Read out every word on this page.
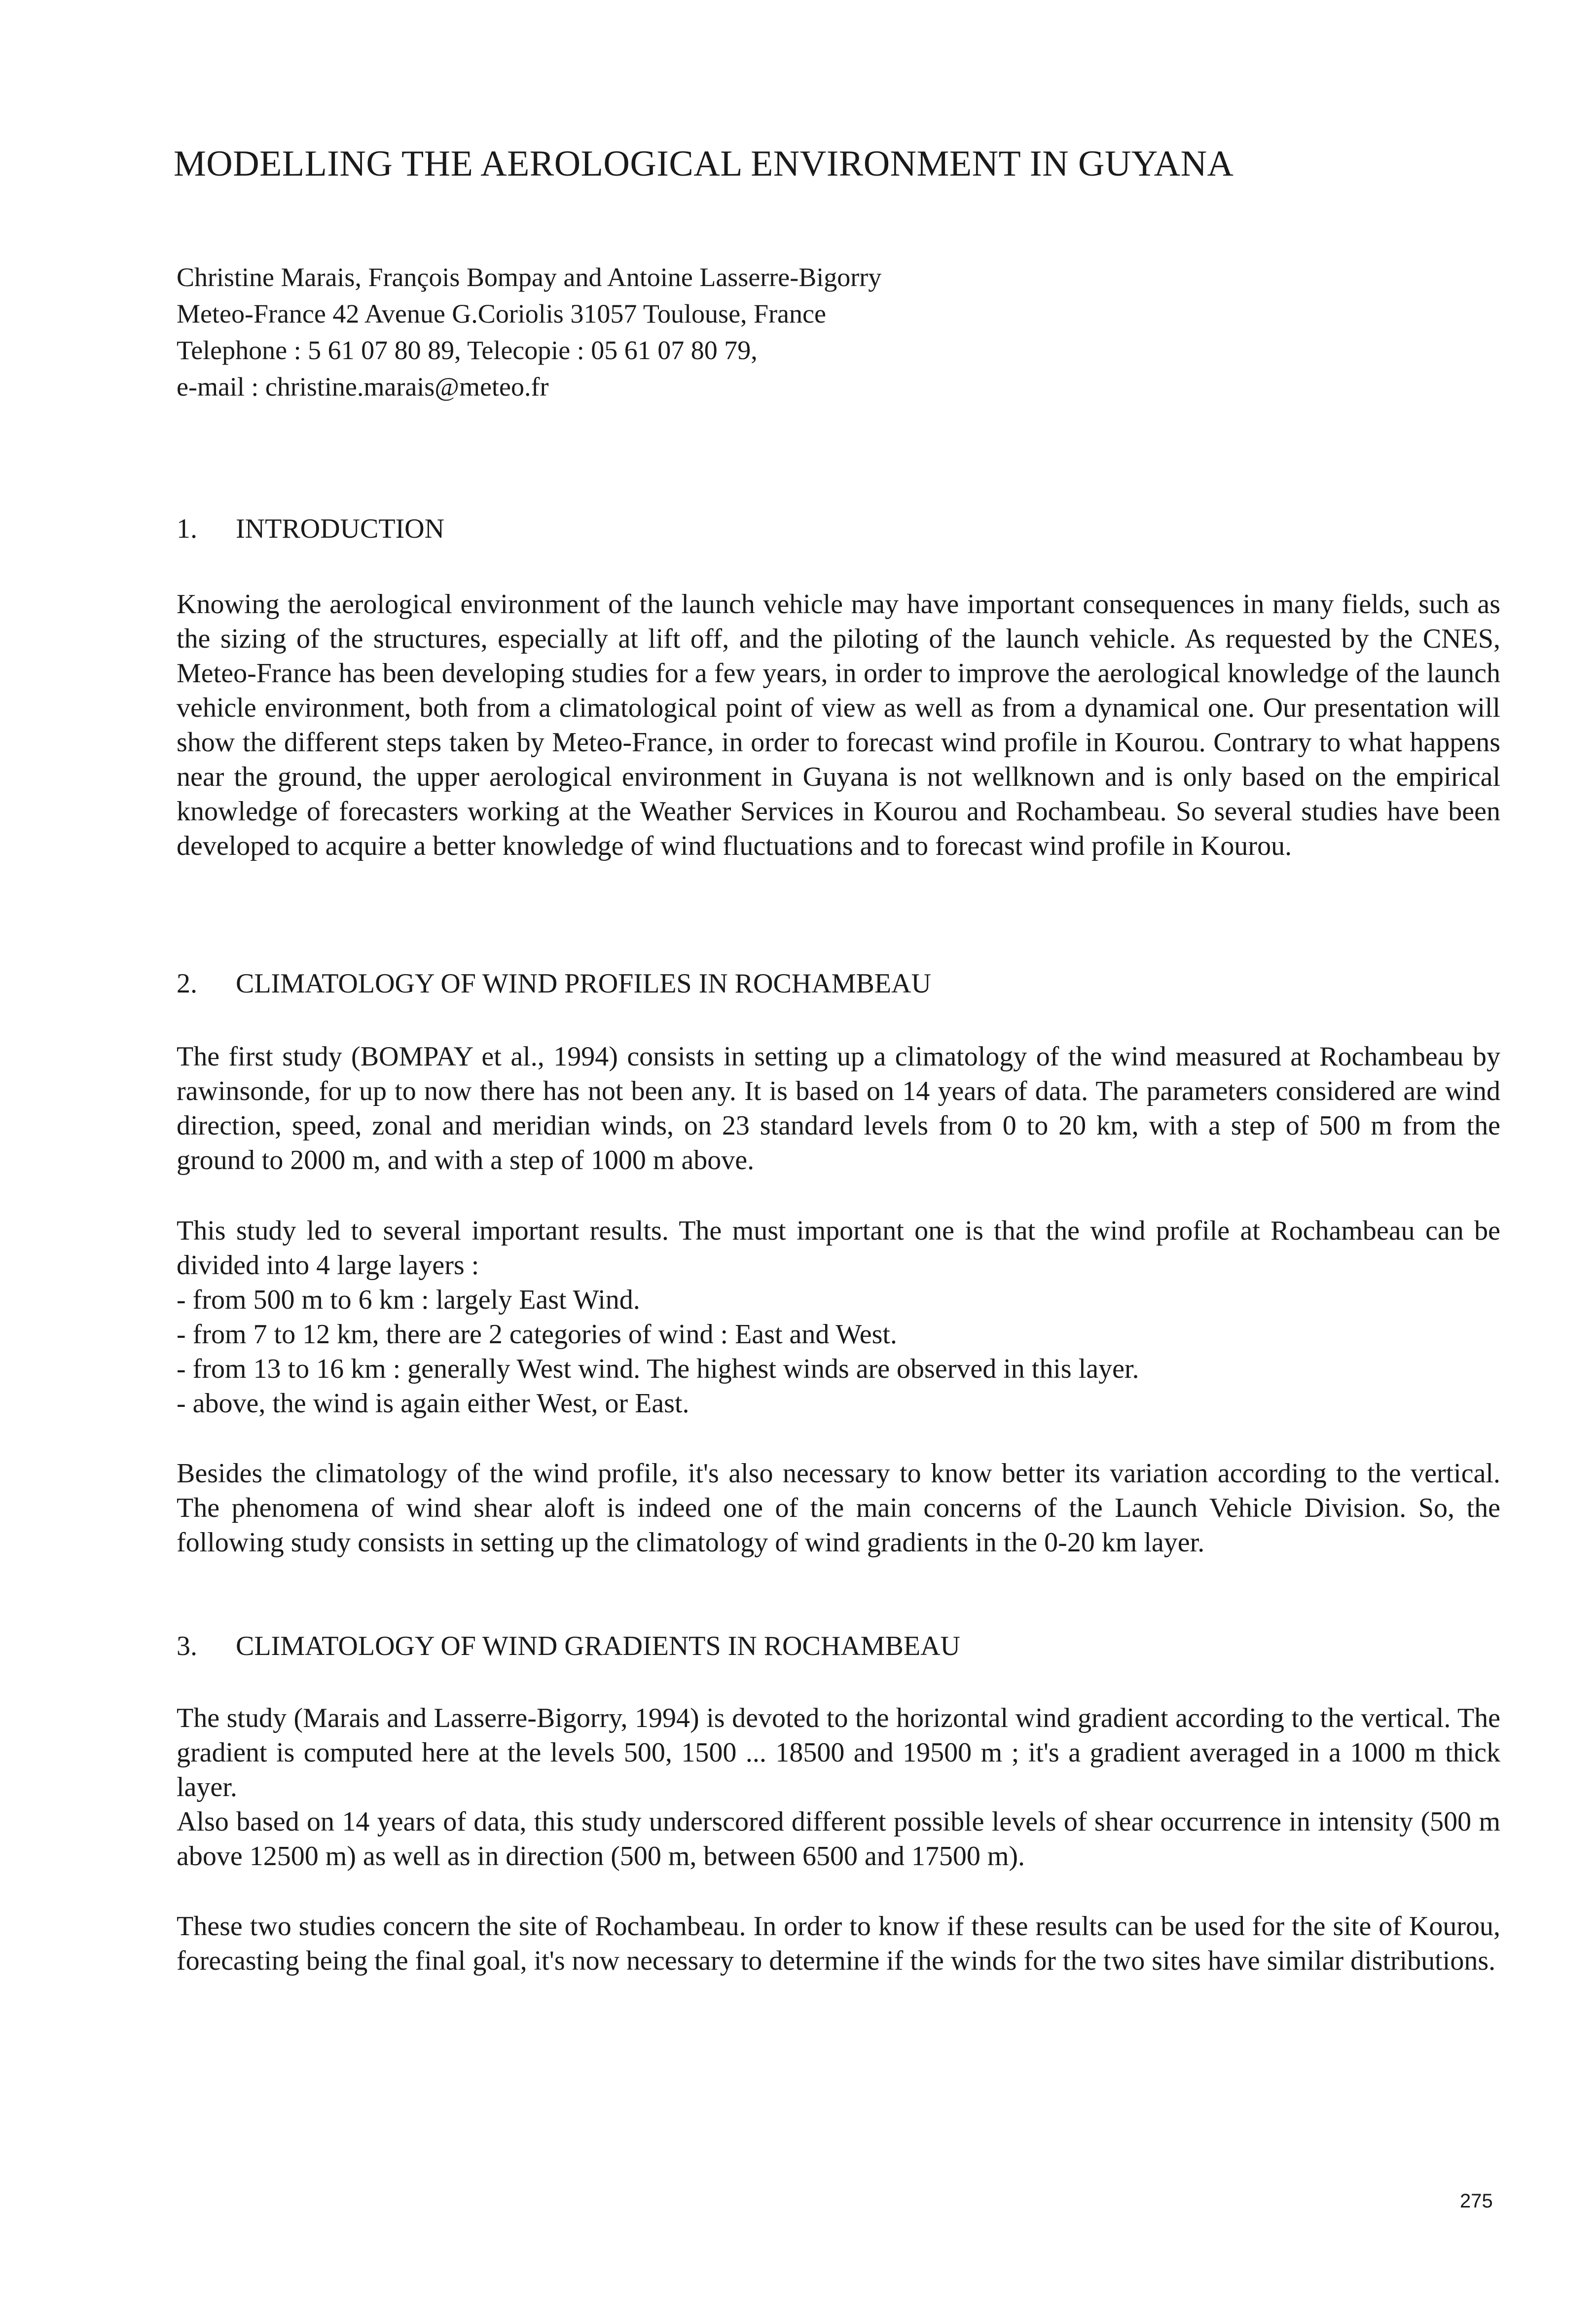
MODELLING THE AEROLOGICAL ENVIRONMENT IN GUYANA
Christine Marais, François Bompay and Antoine Lasserre-Bigorry
Meteo-France 42 Avenue G.Coriolis 31057 Toulouse, France
Telephone : 5 61 07 80 89, Telecopie : 05 61 07 80 79,
e-mail : christine.marais@meteo.fr
1. INTRODUCTION

Knowing the aerological environment of the launch vehicle may have important consequences in many fields, such as the sizing of the structures, especially at lift off, and the piloting of the launch vehicle. As requested by the CNES, Meteo-France has been developing studies for a few years, in order to improve the aerological knowledge of the launch vehicle environment, both from a climatological point of view as well as from a dynamical one. Our presentation will show the different steps taken by Meteo-France, in order to forecast wind profile in Kourou. Contrary to what happens near the ground, the upper aerological environment in Guyana is not wellknown and is only based on the empirical knowledge of forecasters working at the Weather Services in Kourou and Rochambeau. So several studies have been developed to acquire a better knowledge of wind fluctuations and to forecast wind profile in Kourou.

2. CLIMATOLOGY OF WIND PROFILES IN ROCHAMBEAU

The first study (BOMPAY et al., 1994) consists in setting up a climatology of the wind measured at Rochambeau by rawinsonde, for up to now there has not been any. It is based on 14 years of data. The parameters considered are wind direction, speed, zonal and meridian winds, on 23 standard levels from 0 to 20 km, with a step of 500 m from the ground to 2000 m, and with a step of 1000 m above.

This study led to several important results. The must important one is that the wind profile at Rochambeau can be divided into 4 large layers :

- from 500 m to 6 km : largely East Wind.
- from 7 to 12 km, there are 2 categories of wind : East and West.
- from 13 to 16 km : generally West wind. The highest winds are observed in this layer.
- above, the wind is again either West, or East.

Besides the climatology of the wind profile, it's also necessary to know better its variation according to the vertical. The phenomena of wind shear aloft is indeed one of the main concerns of the Launch Vehicle Division. So, the following study consists in setting up the climatology of wind gradients in the 0-20 km layer.

3. CLIMATOLOGY OF WIND GRADIENTS IN ROCHAMBEAU

The study (Marais and Lasserre-Bigorry, 1994) is devoted to the horizontal wind gradient according to the vertical. The gradient is computed here at the levels 500, 1500 ... 18500 and 19500 m ; it's a gradient averaged in a 1000 m thick layer.

Also based on 14 years of data, this study underscored different possible levels of shear occurrence in intensity (500 m above 12500 m) as well as in direction (500 m, between 6500 and 17500 m).

These two studies concern the site of Rochambeau. In order to know if these results can be used for the site of Kourou, forecasting being the final goal, it's now necessary to determine if the winds for the two sites have similar distributions.

275
